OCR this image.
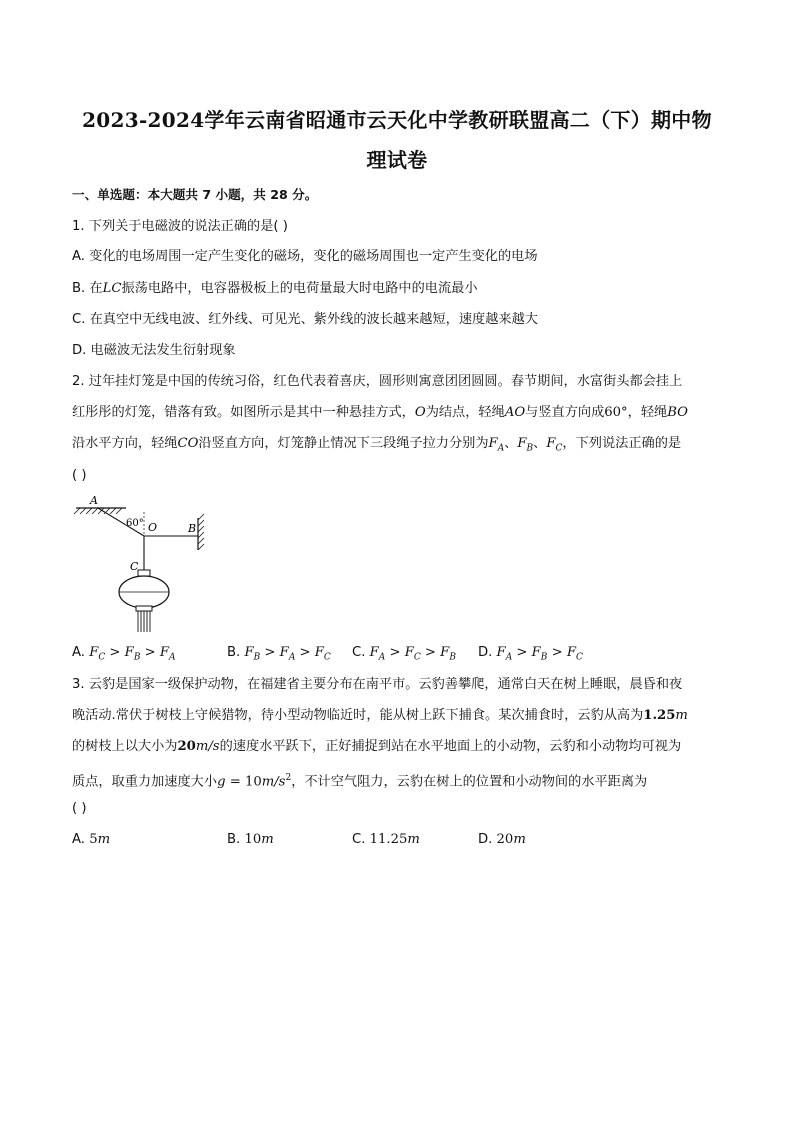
2023-2024学年云南省昭通市云天化中学教研联盟高二（下）期中物
理试卷
一、单选题：本大题共 7 小题，共 28 分。
1. 下列关于电磁波的说法正确的是( )
A. 变化的电场周围一定产生变化的磁场，变化的磁场周围也一定产生变化的电场
B. 在LC振荡电路中，电容器极板上的电荷量最大时电路中的电流最小
C. 在真空中无线电波、红外线、可见光、紫外线的波长越来越短，速度越来越大
D. 电磁波无法发生衍射现象
2. 过年挂灯笼是中国的传统习俗，红色代表着喜庆，圆形则寓意团团圆圆。春节期间，水富街头都会挂上
红彤彤的灯笼，错落有致。如图所示是其中一种悬挂方式，O为结点，轻绳AO与竖直方向成60°，轻绳BO
沿水平方向，轻绳CO沿竖直方向，灯笼静止情况下三段绳子拉力分别为$F_A$、$F_B$、$F_C$，下列说法正确的是
( )
A
O	B
C
60°
A. $F_C > F_B > F_A$	B. $F_B > F_A > F_C$ C. $F_A > F_C > F_B$ D. $F_A > F_B > F_C$
3. 云豹是国家一级保护动物，在福建省主要分布在南平市。云豹善攀爬，通常白天在树上睡眠，晨昏和夜
晚活动.常伏于树枝上守候猎物，待小型动物临近时，能从树上跃下捕食。某次捕食时，云豹从高为1.25m
的树枝上以大小为20m/s的速度水平跃下，正好捕捉到站在水平地面上的小动物，云豹和小动物均可视为
质点，取重力加速度大小$g = 10m/s^2$，不计空气阻力，云豹在树上的位置和小动物间的水平距离为
( )
A. 5m	B. 10m	C. 11.25m	D. 20m
